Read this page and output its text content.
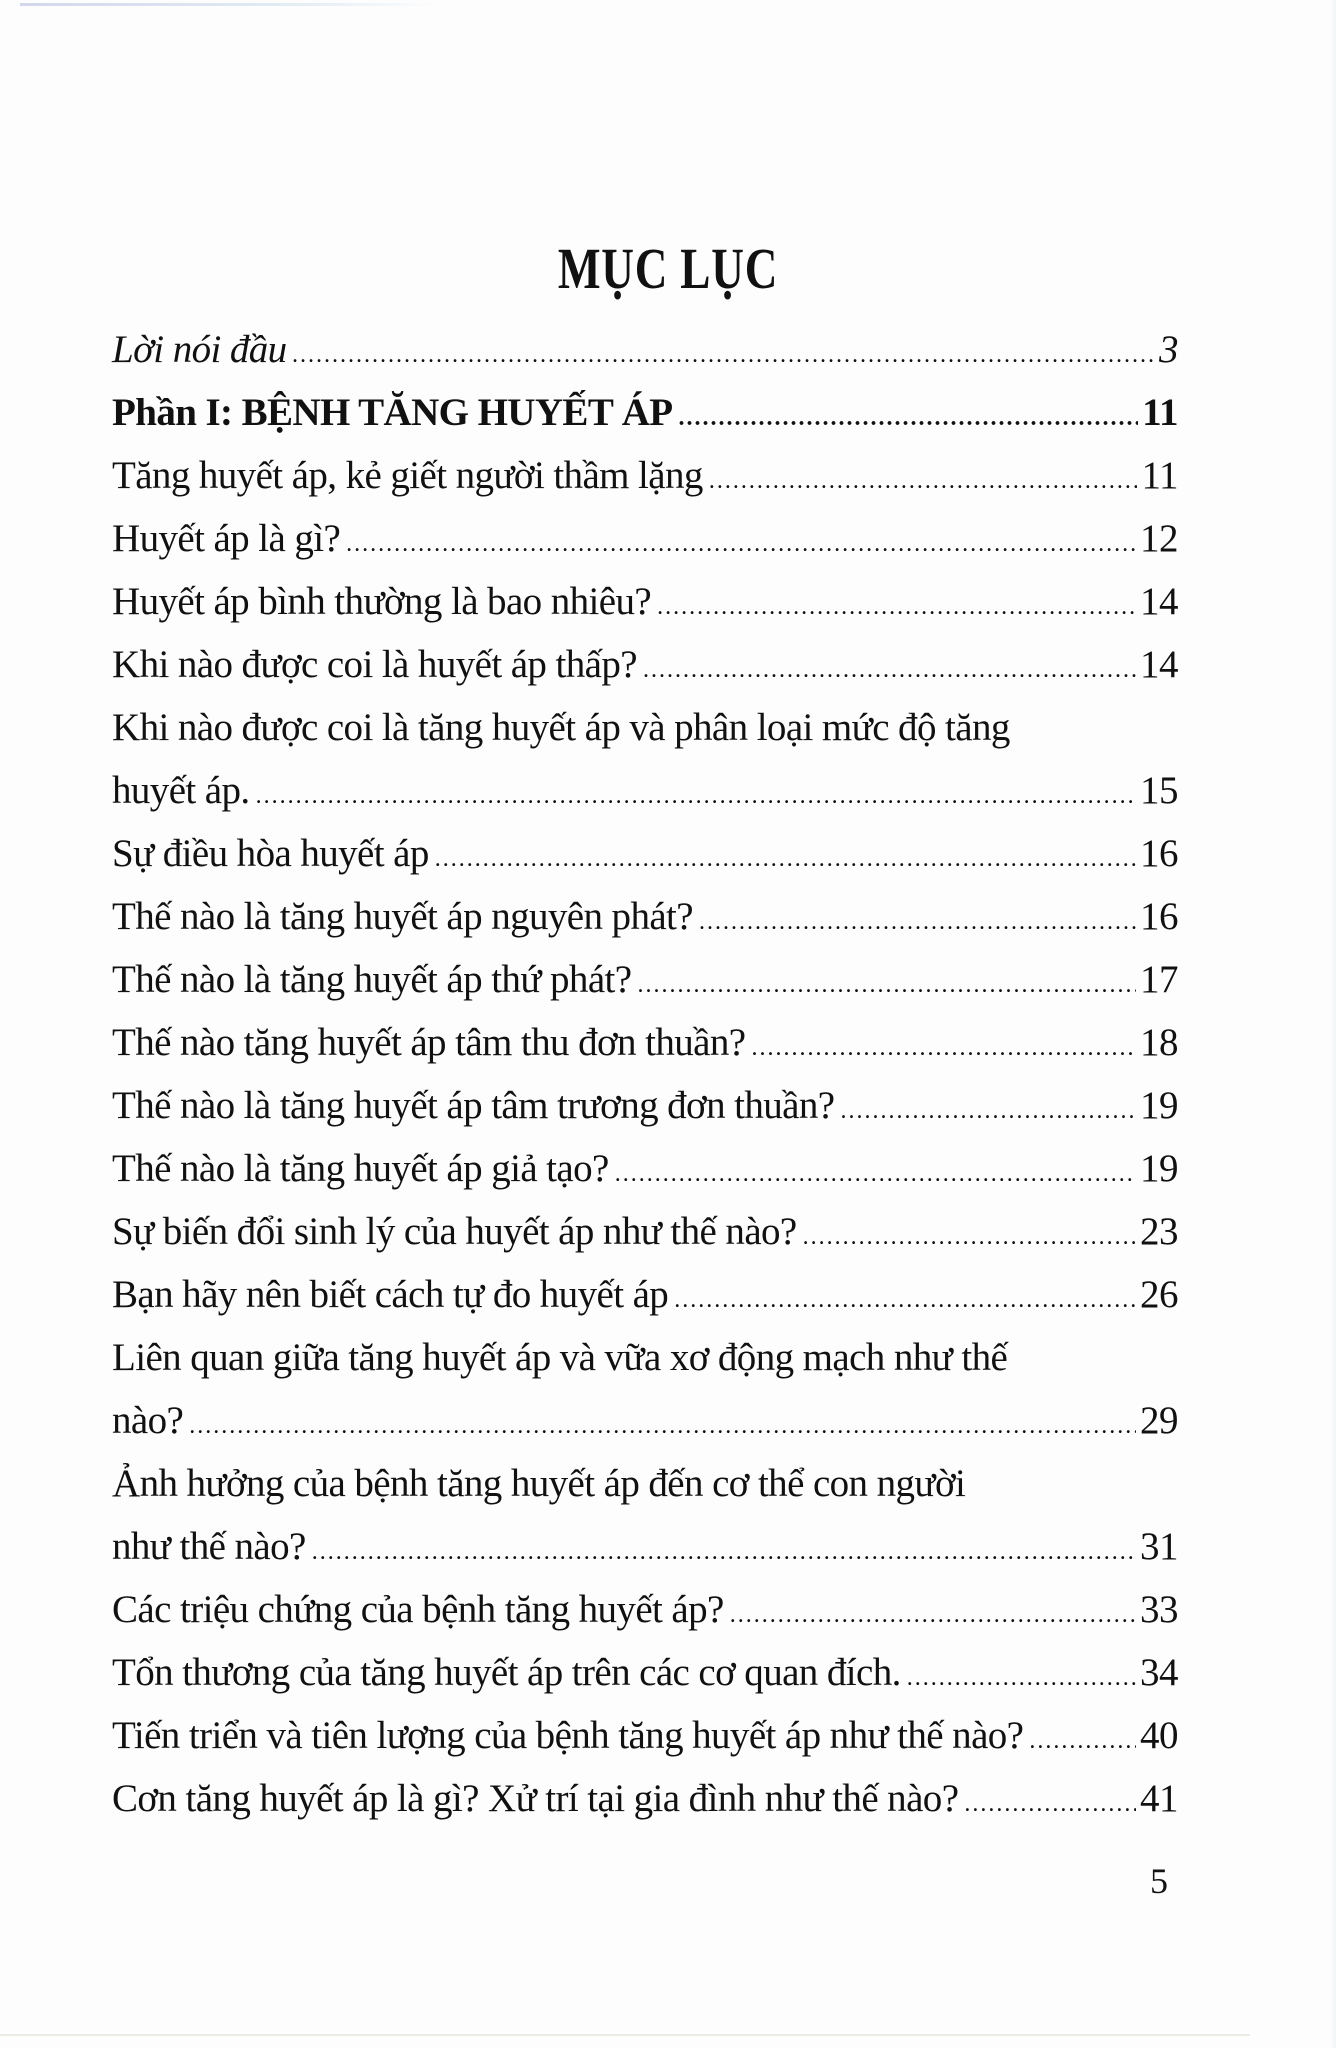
MỤC LỤC
Lời nói đầu .....	3
Phần I: BỆNH TĂNG HUYẾT ÁP .....	11
Tăng huyết áp, kẻ giết người thầm lặng .....	11
Huyết áp là gì? .....	12
Huyết áp bình thường là bao nhiêu? .....	14
Khi nào được coi là huyết áp thấp? .....	14
Khi nào được coi là tăng huyết áp và phân loại mức độ tăng
huyết áp. .....	15
Sự điều hòa huyết áp .....	16
Thế nào là tăng huyết áp nguyên phát? .....	16
Thế nào là tăng huyết áp thứ phát? .....	17
Thế nào tăng huyết áp tâm thu đơn thuần? .....	18
Thế nào là tăng huyết áp tâm trương đơn thuần? .....	19
Thế nào là tăng huyết áp giả tạo? .....	19
Sự biến đổi sinh lý của huyết áp như thế nào? .....	23
Bạn hãy nên biết cách tự đo huyết áp .....	26
Liên quan giữa tăng huyết áp và vữa xơ động mạch như thế
nào? .....	29
Ảnh hưởng của bệnh tăng huyết áp đến cơ thể con người
như thế nào? .....	31
Các triệu chứng của bệnh tăng huyết áp? .....	33
Tổn thương của tăng huyết áp trên các cơ quan đích. .....	34
Tiến triển và tiên lượng của bệnh tăng huyết áp như thế nào? .....	40
Cơn tăng huyết áp là gì? Xử trí tại gia đình như thế nào? .....	41
5
